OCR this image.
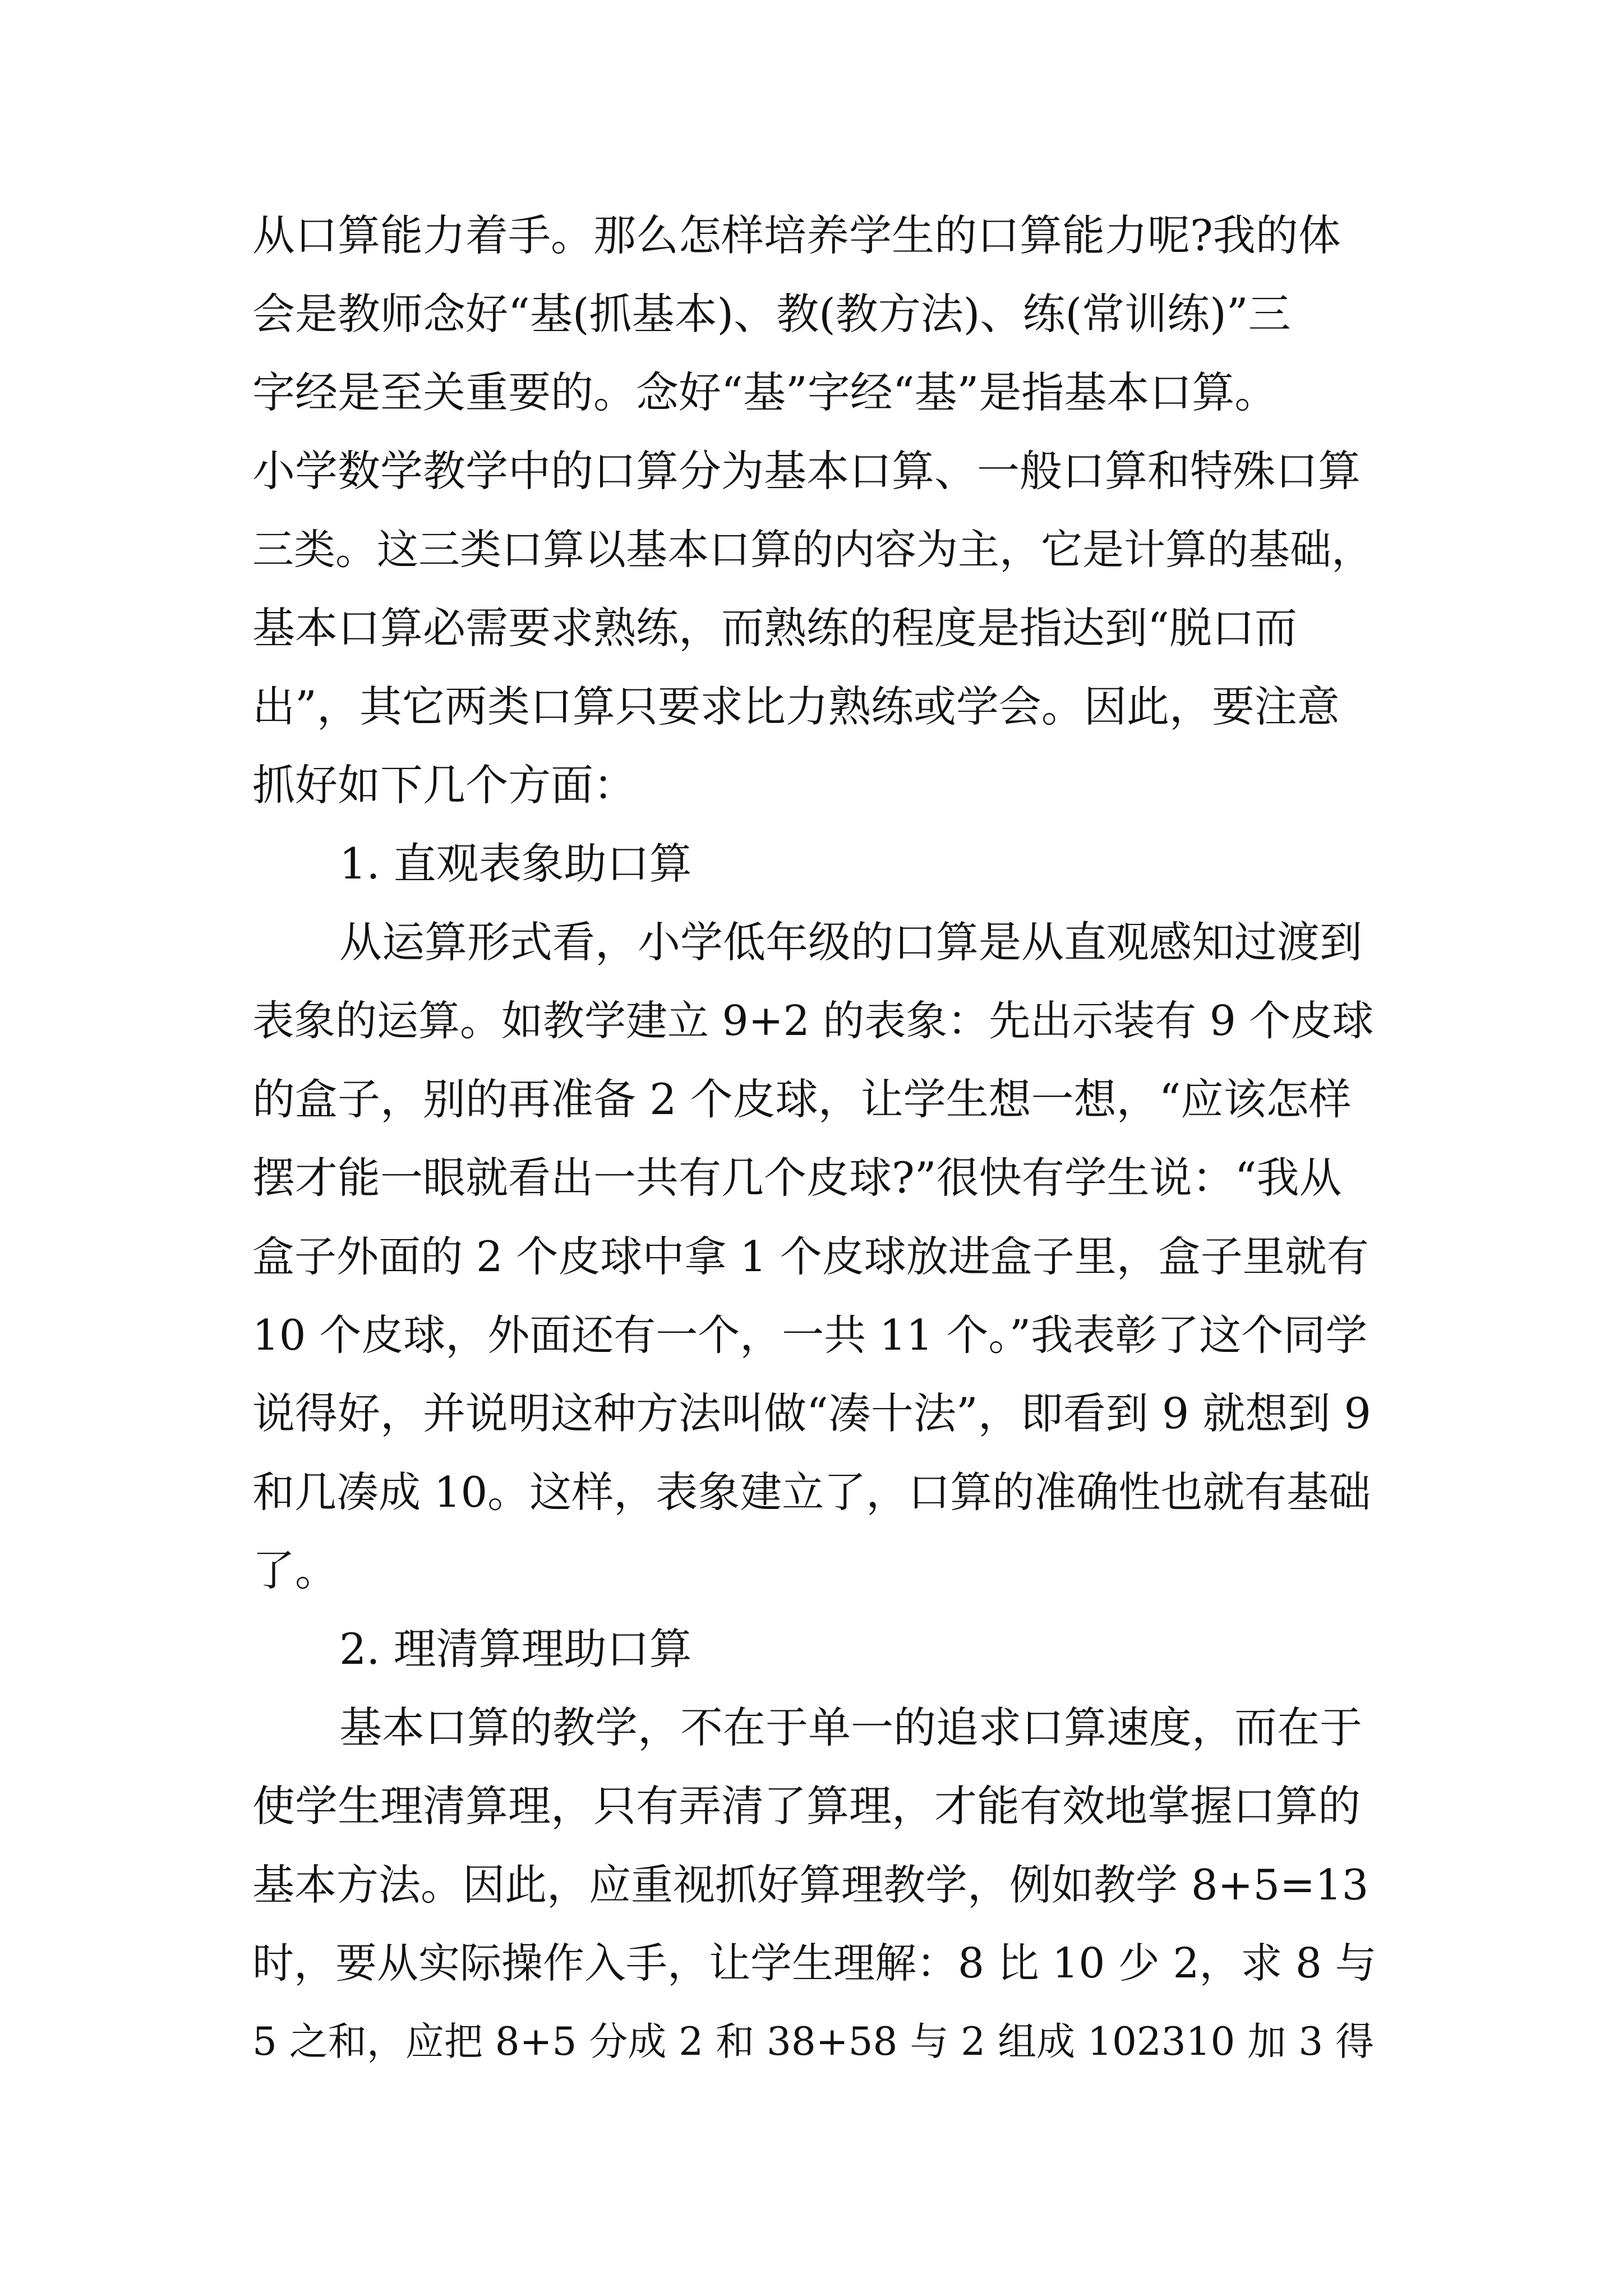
从口算能力着手。那么怎样培养学生的口算能力呢?我的体
会是教师念好“基(抓基本)、教(教方法)、练(常训练)”三
字经是至关重要的。念好“基”字经“基”是指基本口算。
小学数学教学中的口算分为基本口算、一般口算和特殊口算
三类。这三类口算以基本口算的内容为主，它是计算的基础，
基本口算必需要求熟练，而熟练的程度是指达到“脱口而
出”，其它两类口算只要求比力熟练或学会。因此，要注意
抓好如下几个方面：
1. 直观表象助口算
从运算形式看，小学低年级的口算是从直观感知过渡到
表象的运算。如教学建立 9+2 的表象：先出示装有 9 个皮球
的盒子，别的再准备 2 个皮球，让学生想一想，“应该怎样
摆才能一眼就看出一共有几个皮球?”很快有学生说：“我从
盒子外面的 2 个皮球中拿 1 个皮球放进盒子里，盒子里就有
10 个皮球，外面还有一个，一共 11 个。”我表彰了这个同学
说得好，并说明这种方法叫做“凑十法”，即看到 9 就想到 9
和几凑成 10。这样，表象建立了，口算的准确性也就有基础
了。
2. 理清算理助口算
基本口算的教学，不在于单一的追求口算速度，而在于
使学生理清算理，只有弄清了算理，才能有效地掌握口算的
基本方法。因此，应重视抓好算理教学，例如教学 8+5=13
时，要从实际操作入手，让学生理解：8 比 10 少 2，求 8 与
5 之和，应把 8+5 分成 2 和 38+58 与 2 组成 102310 加 3 得
